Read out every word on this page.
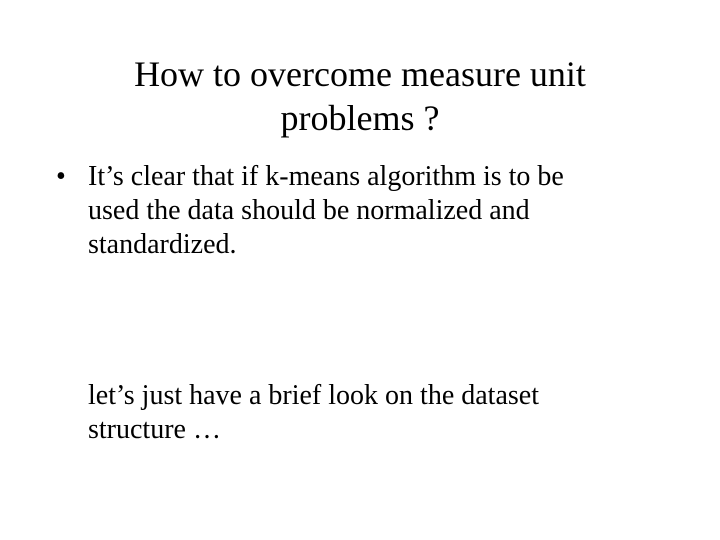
How to overcome measure unit
problems ?
• It’s clear that if k-means algorithm is to be
used the data should be normalized and
standardized.

let’s just have a brief look on the dataset
structure …
